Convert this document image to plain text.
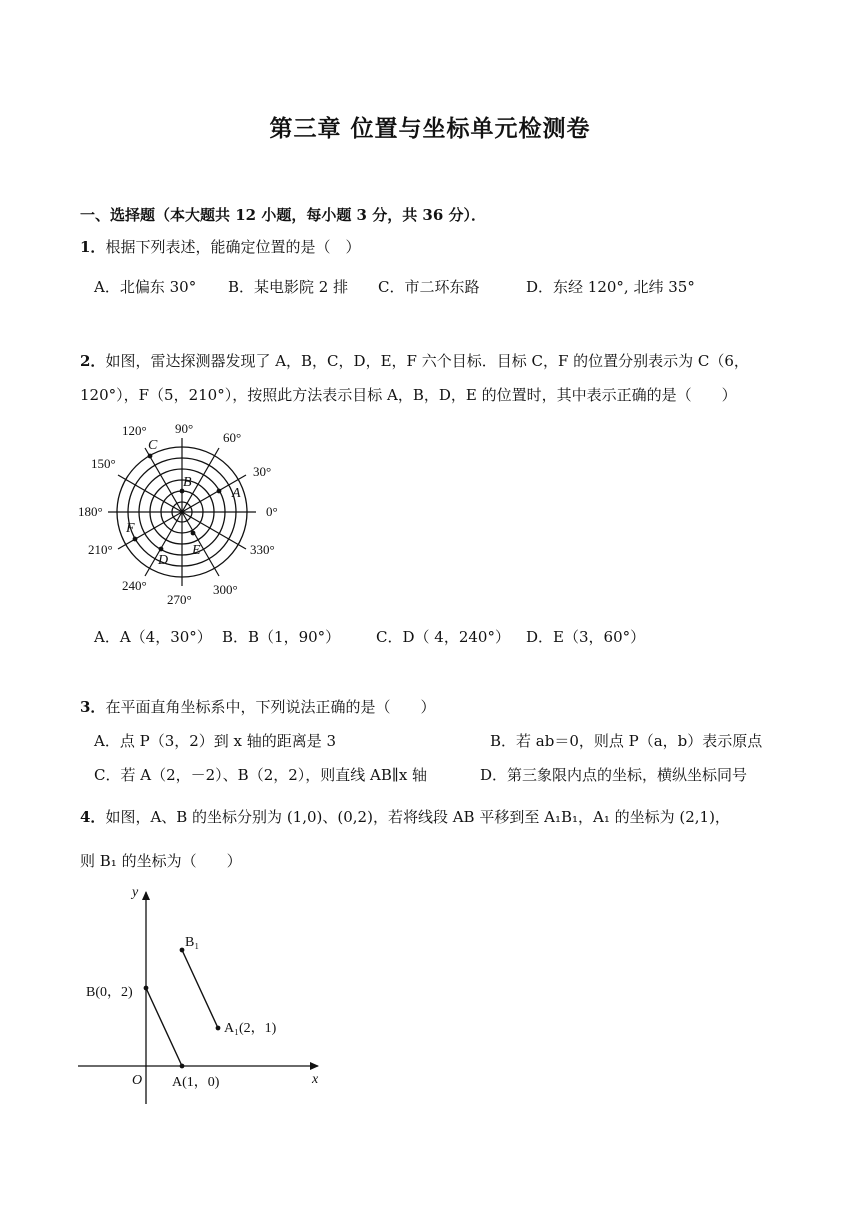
第三章 位置与坐标单元检测卷
一、选择题（本大题共 12 小题，每小题 3 分，共 36 分）．
1．根据下列表述，能确定位置的是（　）
A．北偏东 30° B．某电影院 2 排 C．市二环东路	D．东经 120°, 北纬 35°
2．如图，雷达探测器发现了 A，B，C，D，E，F 六个目标．目标 C，F 的位置分别表示为 C（6，
120°），F（5，210°），按照此方法表示目标 A，B，D，E 的位置时，其中表示正确的是（　　）
90°
60°
30°
0°
330°
300°
270°
240°
210°
180°
150°
120°
A
B
C
D
E
F
A．A（4，30°） B．B（1，90°） C．D（ 4，240°） D．E（3，60°）
3．在平面直角坐标系中，下列说法正确的是（　　）
A．点 P（3，2）到 x 轴的距离是 3	B．若 ab＝0，则点 P（a，b）表示原点
C．若 A（2，－2）、B（2，2），则直线 AB∥x 轴	D．第三象限内点的坐标，横纵坐标同号
4．如图，A、B 的坐标分别为 (1,0)、(0,2)，若将线段 AB 平移到至 A₁B₁，A₁ 的坐标为 (2,1)，
则 B₁ 的坐标为（　　）
y
x
O A(1，0)
B(0，2)
A₁(2，1)
B₁
